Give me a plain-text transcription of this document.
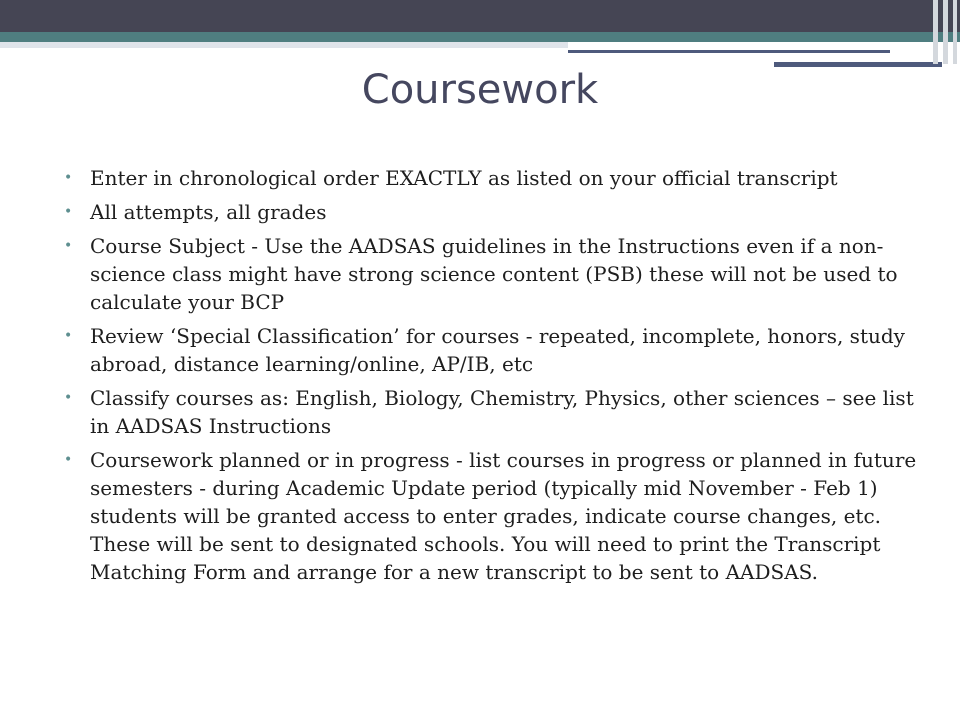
Coursework
• Enter in chronological order EXACTLY as listed on your official transcript
• All attempts, all grades
• Course Subject - Use the AADSAS guidelines in the Instructions even if a non-science class might have strong science content (PSB) these will not be used to calculate your BCP
• Review ‘Special Classification’ for courses - repeated, incomplete, honors, study abroad, distance learning/online, AP/IB, etc
• Classify courses as: English, Biology, Chemistry, Physics, other sciences – see list in AADSAS Instructions
• Coursework planned or in progress - list courses in progress or planned in future semesters - during Academic Update period (typically mid November - Feb 1) students will be granted access to enter grades, indicate course changes, etc. These will be sent to designated schools. You will need to print the Transcript Matching Form and arrange for a new transcript to be sent to AADSAS.
